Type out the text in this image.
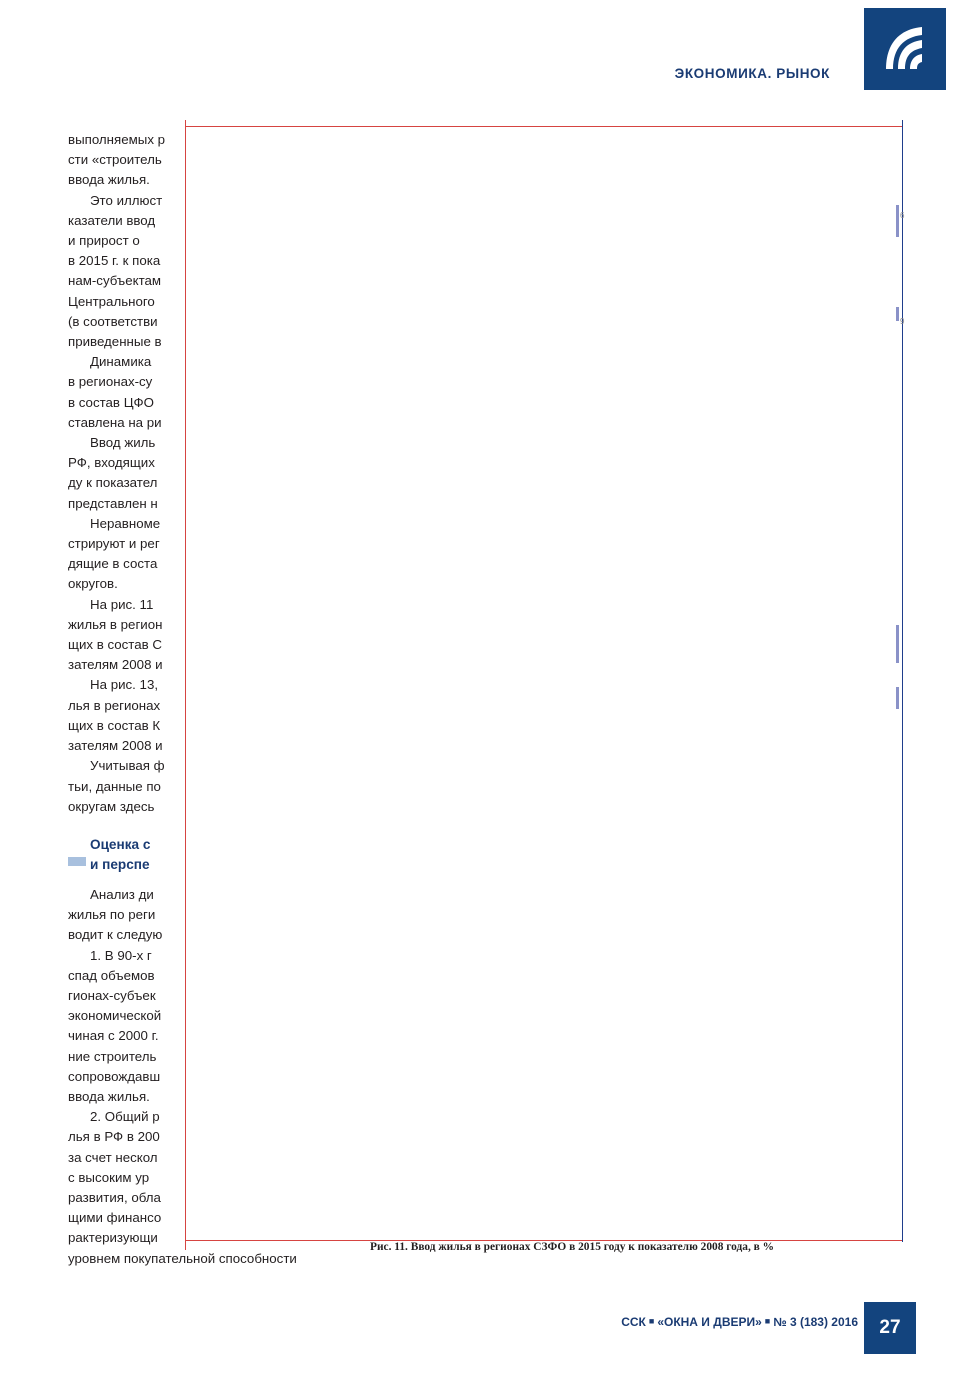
ЭКОНОМИКА. РЫНОК
6
9
Рис. 11. Ввод жилья в регионах СЗФО в 2015 году к показателю 2008 года, в %

выполняемых р

сти «строитель

ввода жилья.

Это иллюст

казатели ввод

и прирост о

в 2015 г. к пока

нам-субъектам

Центрального

(в соответстви

приведенные в

Динамика

в регионах-су

в состав ЦФО

ставлена на ри

Ввод жиль

РФ, входящих

ду к показател

представлен н

Неравноме

стрируют и рег

дящие в соста

округов.

На рис. 11

жилья в регион

щих в состав С

зателям 2008 и

На рис. 13,

лья в регионах

щих в состав К

зателям 2008 и

Учитывая ф

тьи, данные по

округам здесь

Оценка с
и перспе

Анализ ди

жилья по реги

водит к следую

1. В 90-х г

спад объемов

гионах-субъек

экономической

чиная с 2000 г.

ние строитель

сопровождавш

ввода жилья.

2. Общий р

лья в РФ в 200

за счет нескол

с высоким ур

развития, обла

щими финансо

рактеризующи

уровнем покупательной способности

ССК ■ «ОКНА И ДВЕРИ» ■ № 3 (183) 2016	27
